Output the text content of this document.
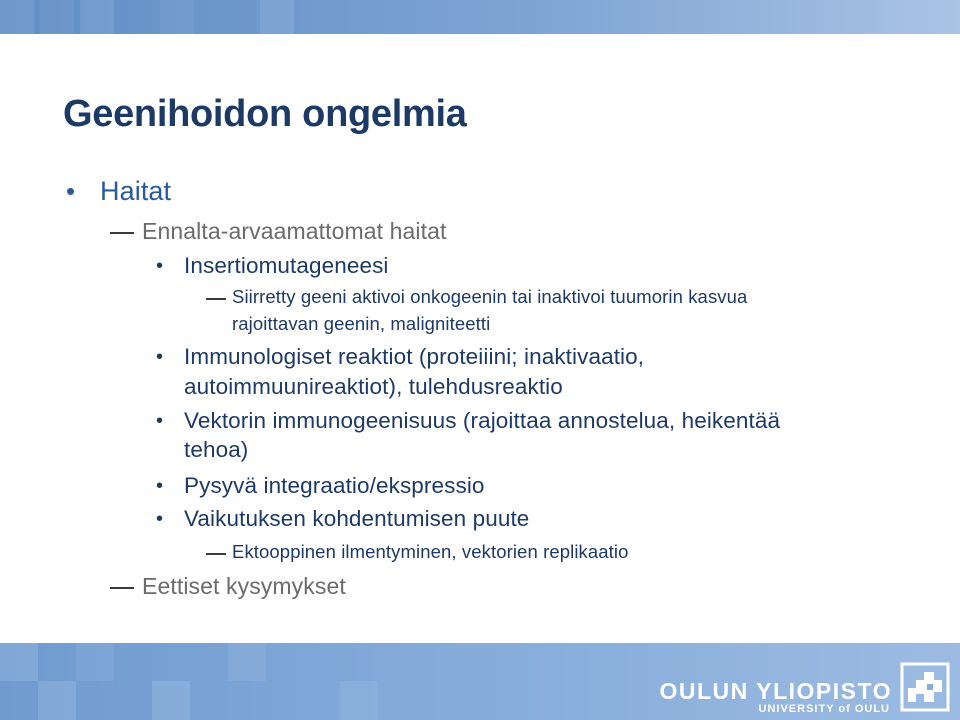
Geenihoidon ongelmia
• Haitat
Ennalta-arvaamattomat haitat
• Insertiomutageneesi
Siirretty geeni aktivoi onkogeenin tai inaktivoi tuumorin kasvua
rajoittavan geenin, maligniteetti
• Immunologiset reaktiot (proteiiini; inaktivaatio,
autoimmuunireaktiot), tulehdusreaktio
• Vektorin immunogeenisuus (rajoittaa annostelua, heikentää
tehoa)
• Pysyvä integraatio/ekspressio
• Vaikutuksen kohdentumisen puute
Ektooppinen ilmentyminen, vektorien replikaatio
Eettiset kysymykset
OULUN YLIOPISTO
UNIVERSITY of OULU
